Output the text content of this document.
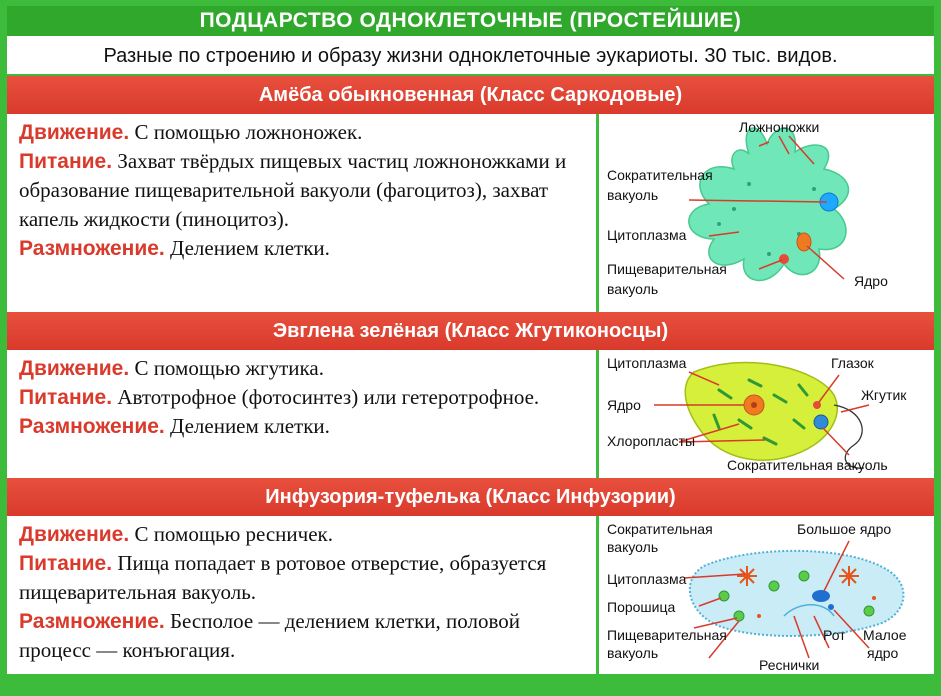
ПОДЦАРСТВО ОДНОКЛЕТОЧНЫЕ (ПРОСТЕЙШИЕ)
Разные по строению и образу жизни одноклеточные эукариоты. 30 тыс. видов.
Амёба обыкновенная (Класс Саркодовые)
Движение. С помощью ложноножек.
Питание. Захват твёрдых пищевых частиц ложноножками и образование пищеварительной вакуоли (фагоцитоз), захват капель жидкости (пиноцитоз).
Размножение. Делением клетки.
Ложноножки
Сократительная
вакуоль
Цитоплазма
Пищеварительная
вакуоль	Ядро
Эвглена зелёная (Класс Жгутиконосцы)
Движение. С помощью жгутика.
Питание. Автотрофное (фотосинтез) или гетеротрофное.
Размножение. Делением клетки.
Цитоплазма	Глазок
Жгутик
Ядро
Хлоропласты
Сократительная вакуоль
Инфузория-туфелька (Класс Инфузории)
Движение. С помощью ресничек.
Питание. Пища попадает в ротовое отверстие, образуется пищеварительная вакуоль.
Размножение. Бесполое — делением клетки, половой процесс — конъюгация.
Сократительная
вакуоль
Большое ядро
Цитоплазма
Порошица
Пищеварительная
вакуоль
Рот
Реснички
Малое
ядро
